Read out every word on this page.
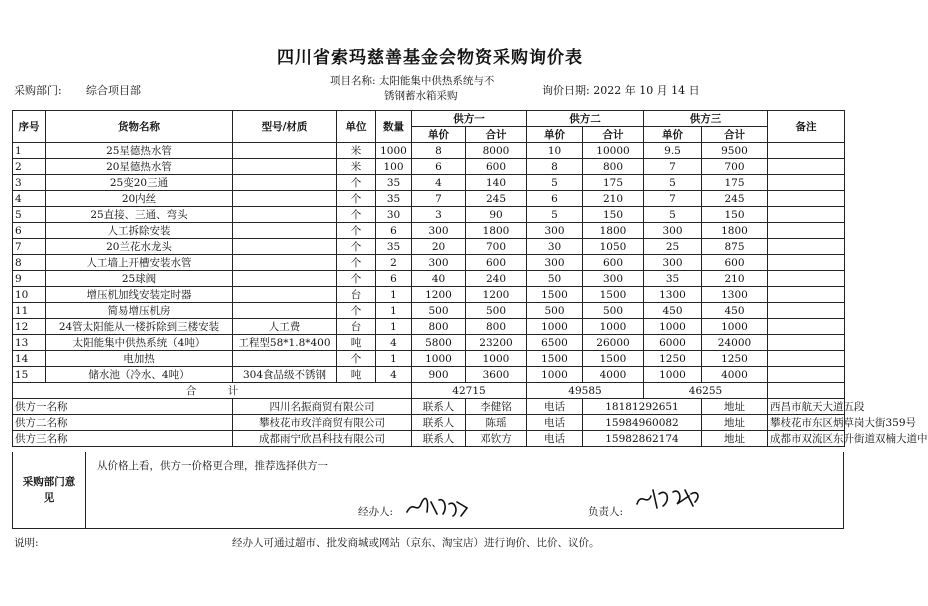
四川省索玛慈善基金会物资采购询价表
采购部门: 综合项目部
项目名称: 太阳能集中供热系统与不
锈钢蓄水箱采购	询价日期: 2022 年 10 月 14 日
序号	货物名称	型号/材质	单位	数量	供方一		供方二		供方三		备注
					单价	合计	单价	合计	单价	合计	
1	25星德热水管		米	1000	8	8000	10	10000	9.5	9500	
2	20星德热水管		米	100	6	600	8	800	7	700	
3	25变20三通		个	35	4	140	5	175	5	175	
4	20内丝		个	35	7	245	6	210	7	245	
5	25直接、三通、弯头		个	30	3	90	5	150	5	150	
6	人工拆除安装		个	6	300	1800	300	1800	300	1800	
7	20兰花水龙头		个	35	20	700	30	1050	25	875	
8	人工墙上开槽安装水管		个	2	300	600	300	600	300	600	
9	25球阀		个	6	40	240	50	300	35	210	
10	增压机加线安装定时器		台	1	1200	1200	1500	1500	1300	1300	
11	简易增压机房		个	1	500	500	500	500	450	450	
12	24管太阳能从一楼拆除到三楼安装	人工费	台	1	800	800	1000	1000	1000	1000	
13	太阳能集中供热系统（4吨）	工程型58*1.8*400	吨	4	5800	23200	6500	26000	6000	24000	
14	电加热		个	1	1000	1000	1500	1500	1250	1250	
15	储水池（冷水、4吨）	304食品级不锈钢	吨	4	900	3600	1000	4000	1000	4000	
合　　　计					42715		49585		46255		
供方一名称		四川名振商贸有限公司			联系人	李健铭	电话	18181292651		地址	西昌市航天大道五段
供方二名称		攀枝花市玫洋商贸有限公司			联系人	陈瑶	电话	15984960082		地址	攀枝花市东区炳草岗大街359号
供方三名称		成都雨宁欣昌科技有限公司			联系人	邓钦方	电话	15982862174		地址	成都市双流区东升街道双楠大道中
采购部门意
见
从价格上看，供方一价格更合理，推荐选择供方一
经办人:	负责人:
说明:	经办人可通过超市、批发商城或网站（京东、淘宝店）进行询价、比价、议价。
